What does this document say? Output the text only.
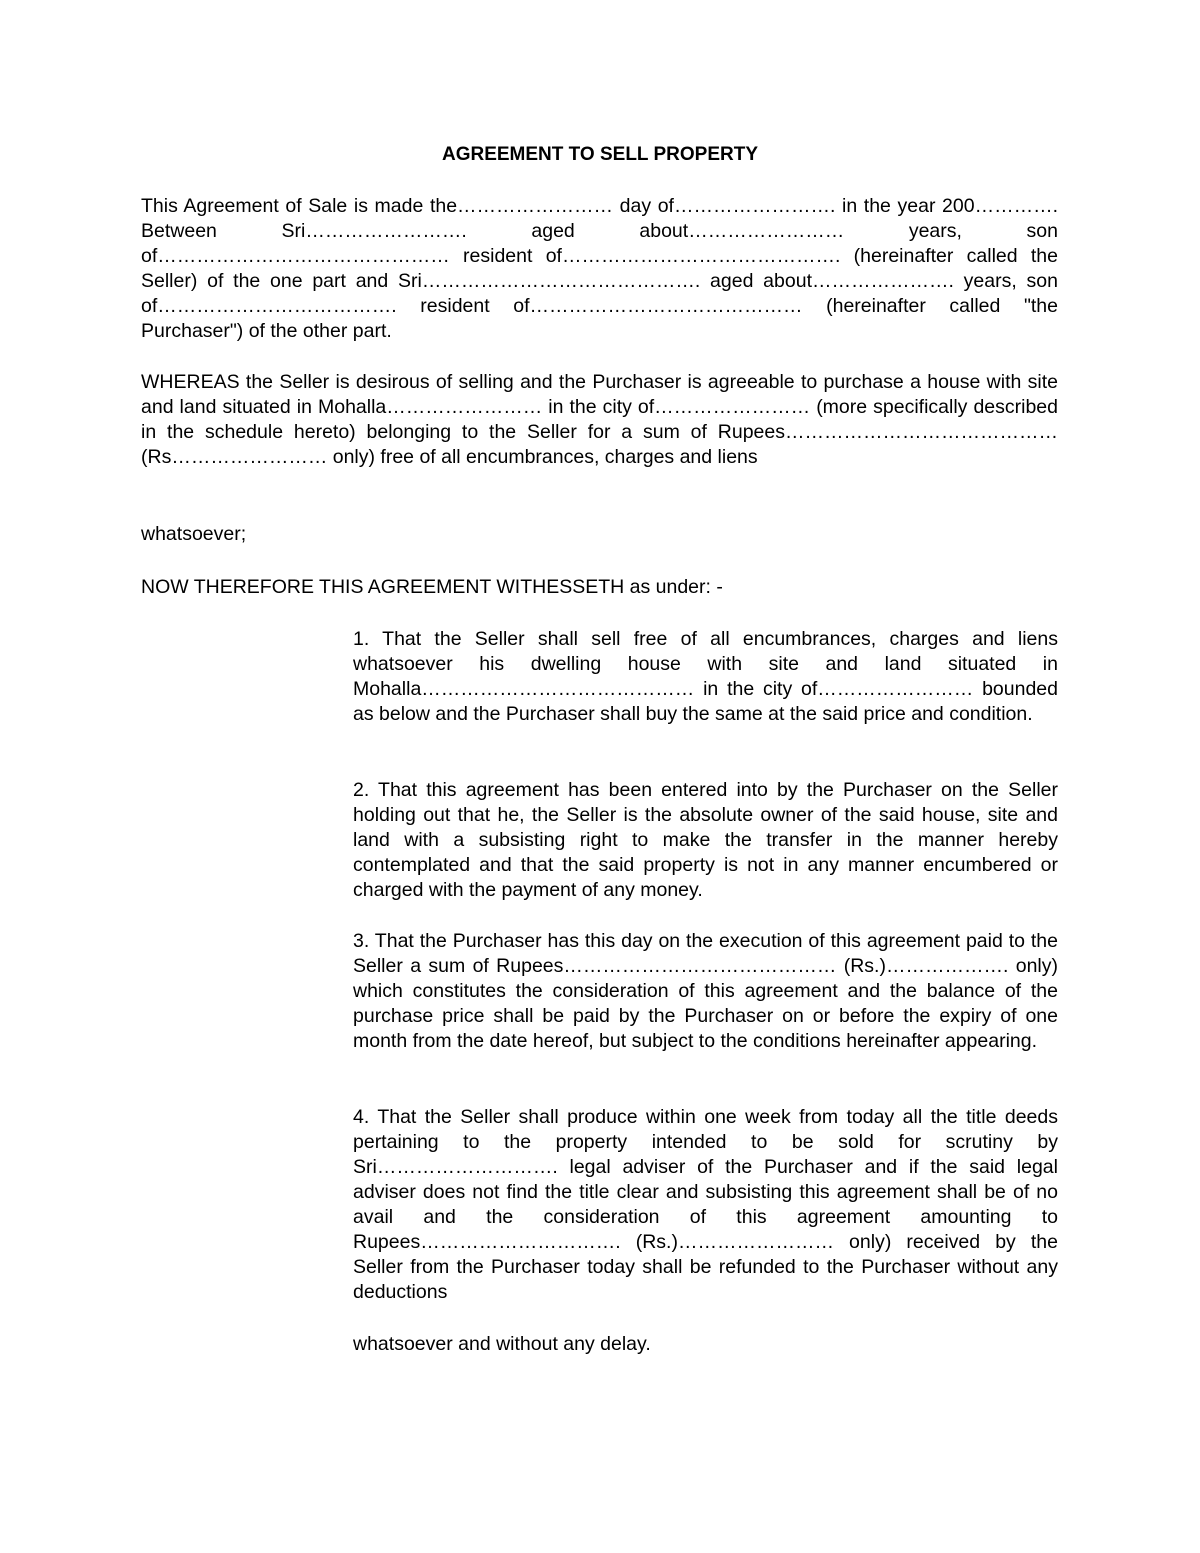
AGREEMENT TO SELL PROPERTY

This Agreement of Sale is made the…………………… day of……………………. in the year 200…………. Between Sri……………………. aged about…………………… years, son of……………………………………… resident of……………………………………. (hereinafter called the Seller) of the one part and Sri……………………………………. aged about…………………. years, son of………………………………. resident of…………………………………… (hereinafter called "the Purchaser") of the other part.

WHEREAS the Seller is desirous of selling and the Purchaser is agreeable to purchase a house with site and land situated in Mohalla…………………… in the city of…………………… (more specifically described in the schedule hereto) belonging to the Seller for a sum of Rupees…………………………………… (Rs…………………… only) free of all encumbrances, charges and liens

whatsoever;

NOW THEREFORE THIS AGREEMENT WITHESSETH as under: -

1. That the Seller shall sell free of all encumbrances, charges and liens whatsoever his dwelling house with site and land situated in Mohalla…………………………………… in the city of…………………… bounded as below and the Purchaser shall buy the same at the said price and condition.

2. That this agreement has been entered into by the Purchaser on the Seller holding out that he, the Seller is the absolute owner of the said house, site and land with a subsisting right to make the transfer in the manner hereby contemplated and that the said property is not in any manner encumbered or charged with the payment of any money.

3. That the Purchaser has this day on the execution of this agreement paid to the Seller a sum of Rupees…………………………………… (Rs.)………………. only) which constitutes the consideration of this agreement and the balance of the purchase price shall be paid by the Purchaser on or before the expiry of one month from the date hereof, but subject to the conditions hereinafter appearing.

4. That the Seller shall produce within one week from today all the title deeds pertaining to the property intended to be sold for scrutiny by Sri………………………. legal adviser of the Purchaser and if the said legal adviser does not find the title clear and subsisting this agreement shall be of no avail and the consideration of this agreement amounting to Rupees…………………………. (Rs.)…………………… only) received by the Seller from the Purchaser today shall be refunded to the Purchaser without any deductions

whatsoever and without any delay.
